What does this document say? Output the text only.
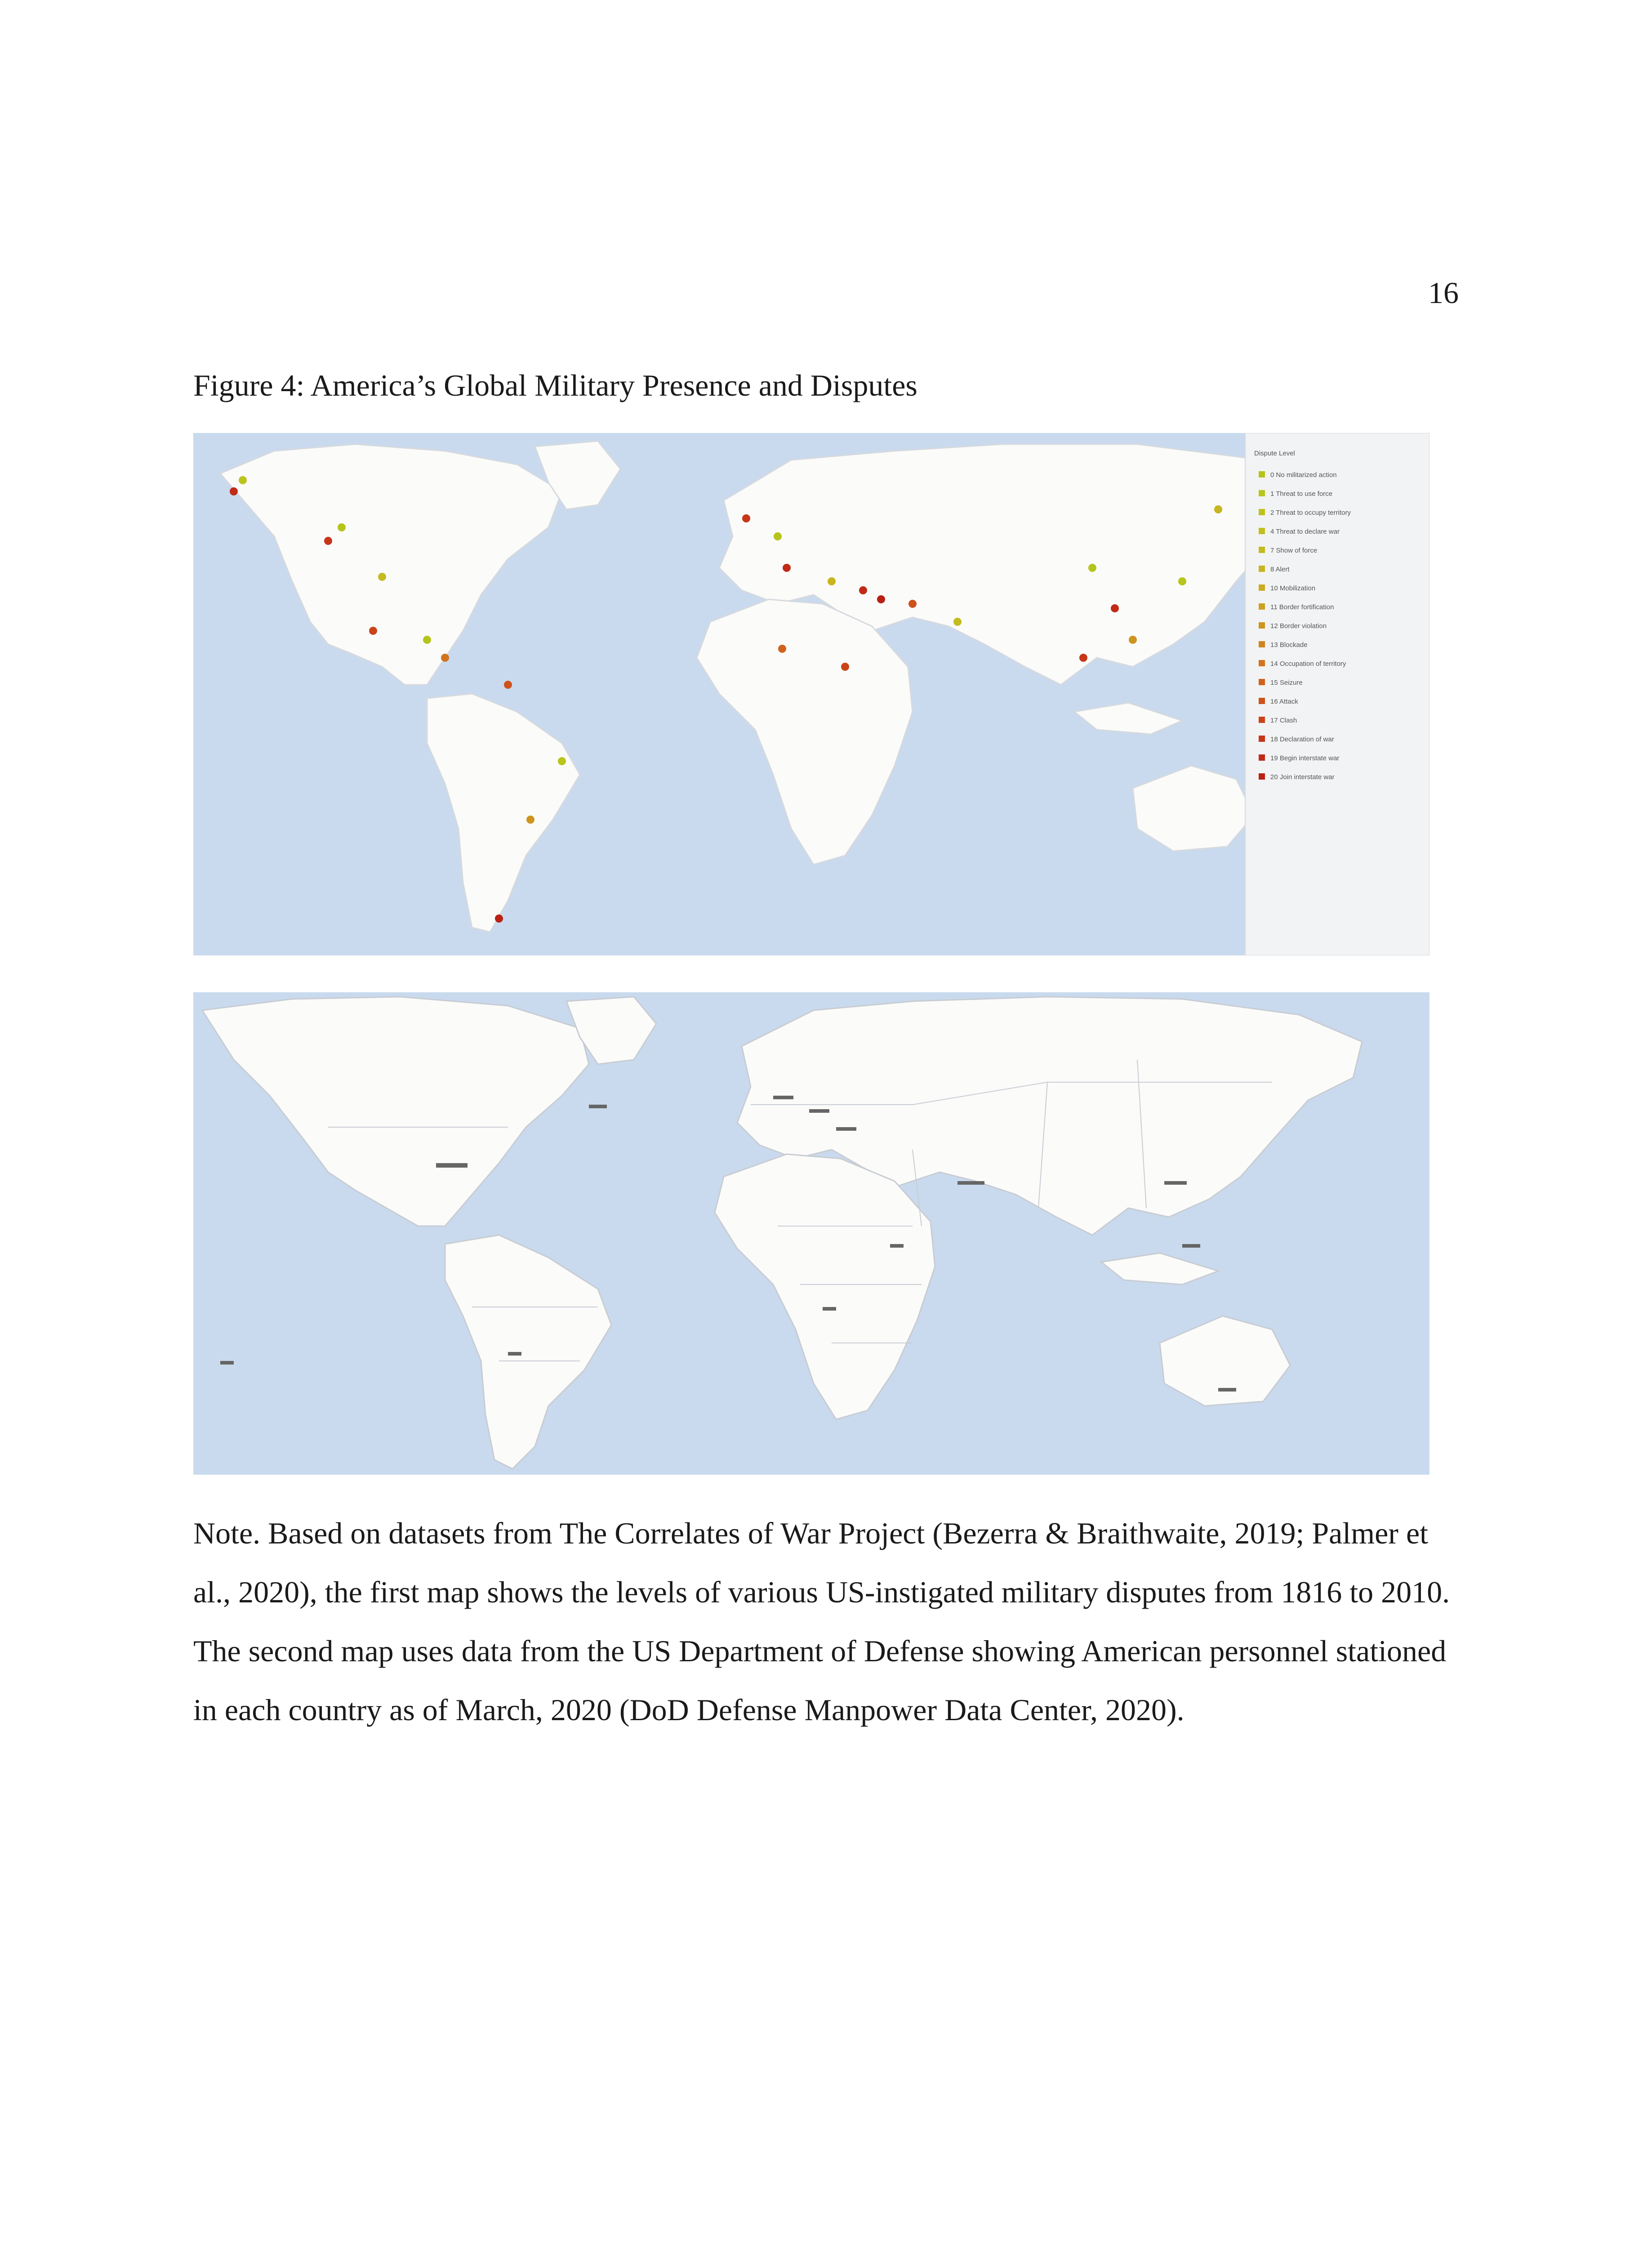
16
Figure 4: America’s Global Military Presence and Disputes
Dispute Level
0 No militarized action
1 Threat to use force
2 Threat to occupy territory
4 Threat to declare war
7 Show of force
8 Alert
10 Mobilization
11 Border fortification
12 Border violation
13 Blockade
14 Occupation of territory
15 Seizure
16 Attack
17 Clash
18 Declaration of war
19 Begin interstate war
20 Join interstate war

Note. Based on datasets from The Correlates of War Project (Bezerra & Braithwaite, 2019; Palmer et al., 2020), the first map shows the levels of various US-instigated military disputes from 1816 to 2010. The second map uses data from the US Department of Defense showing American personnel stationed in each country as of March, 2020 (DoD Defense Manpower Data Center, 2020).
